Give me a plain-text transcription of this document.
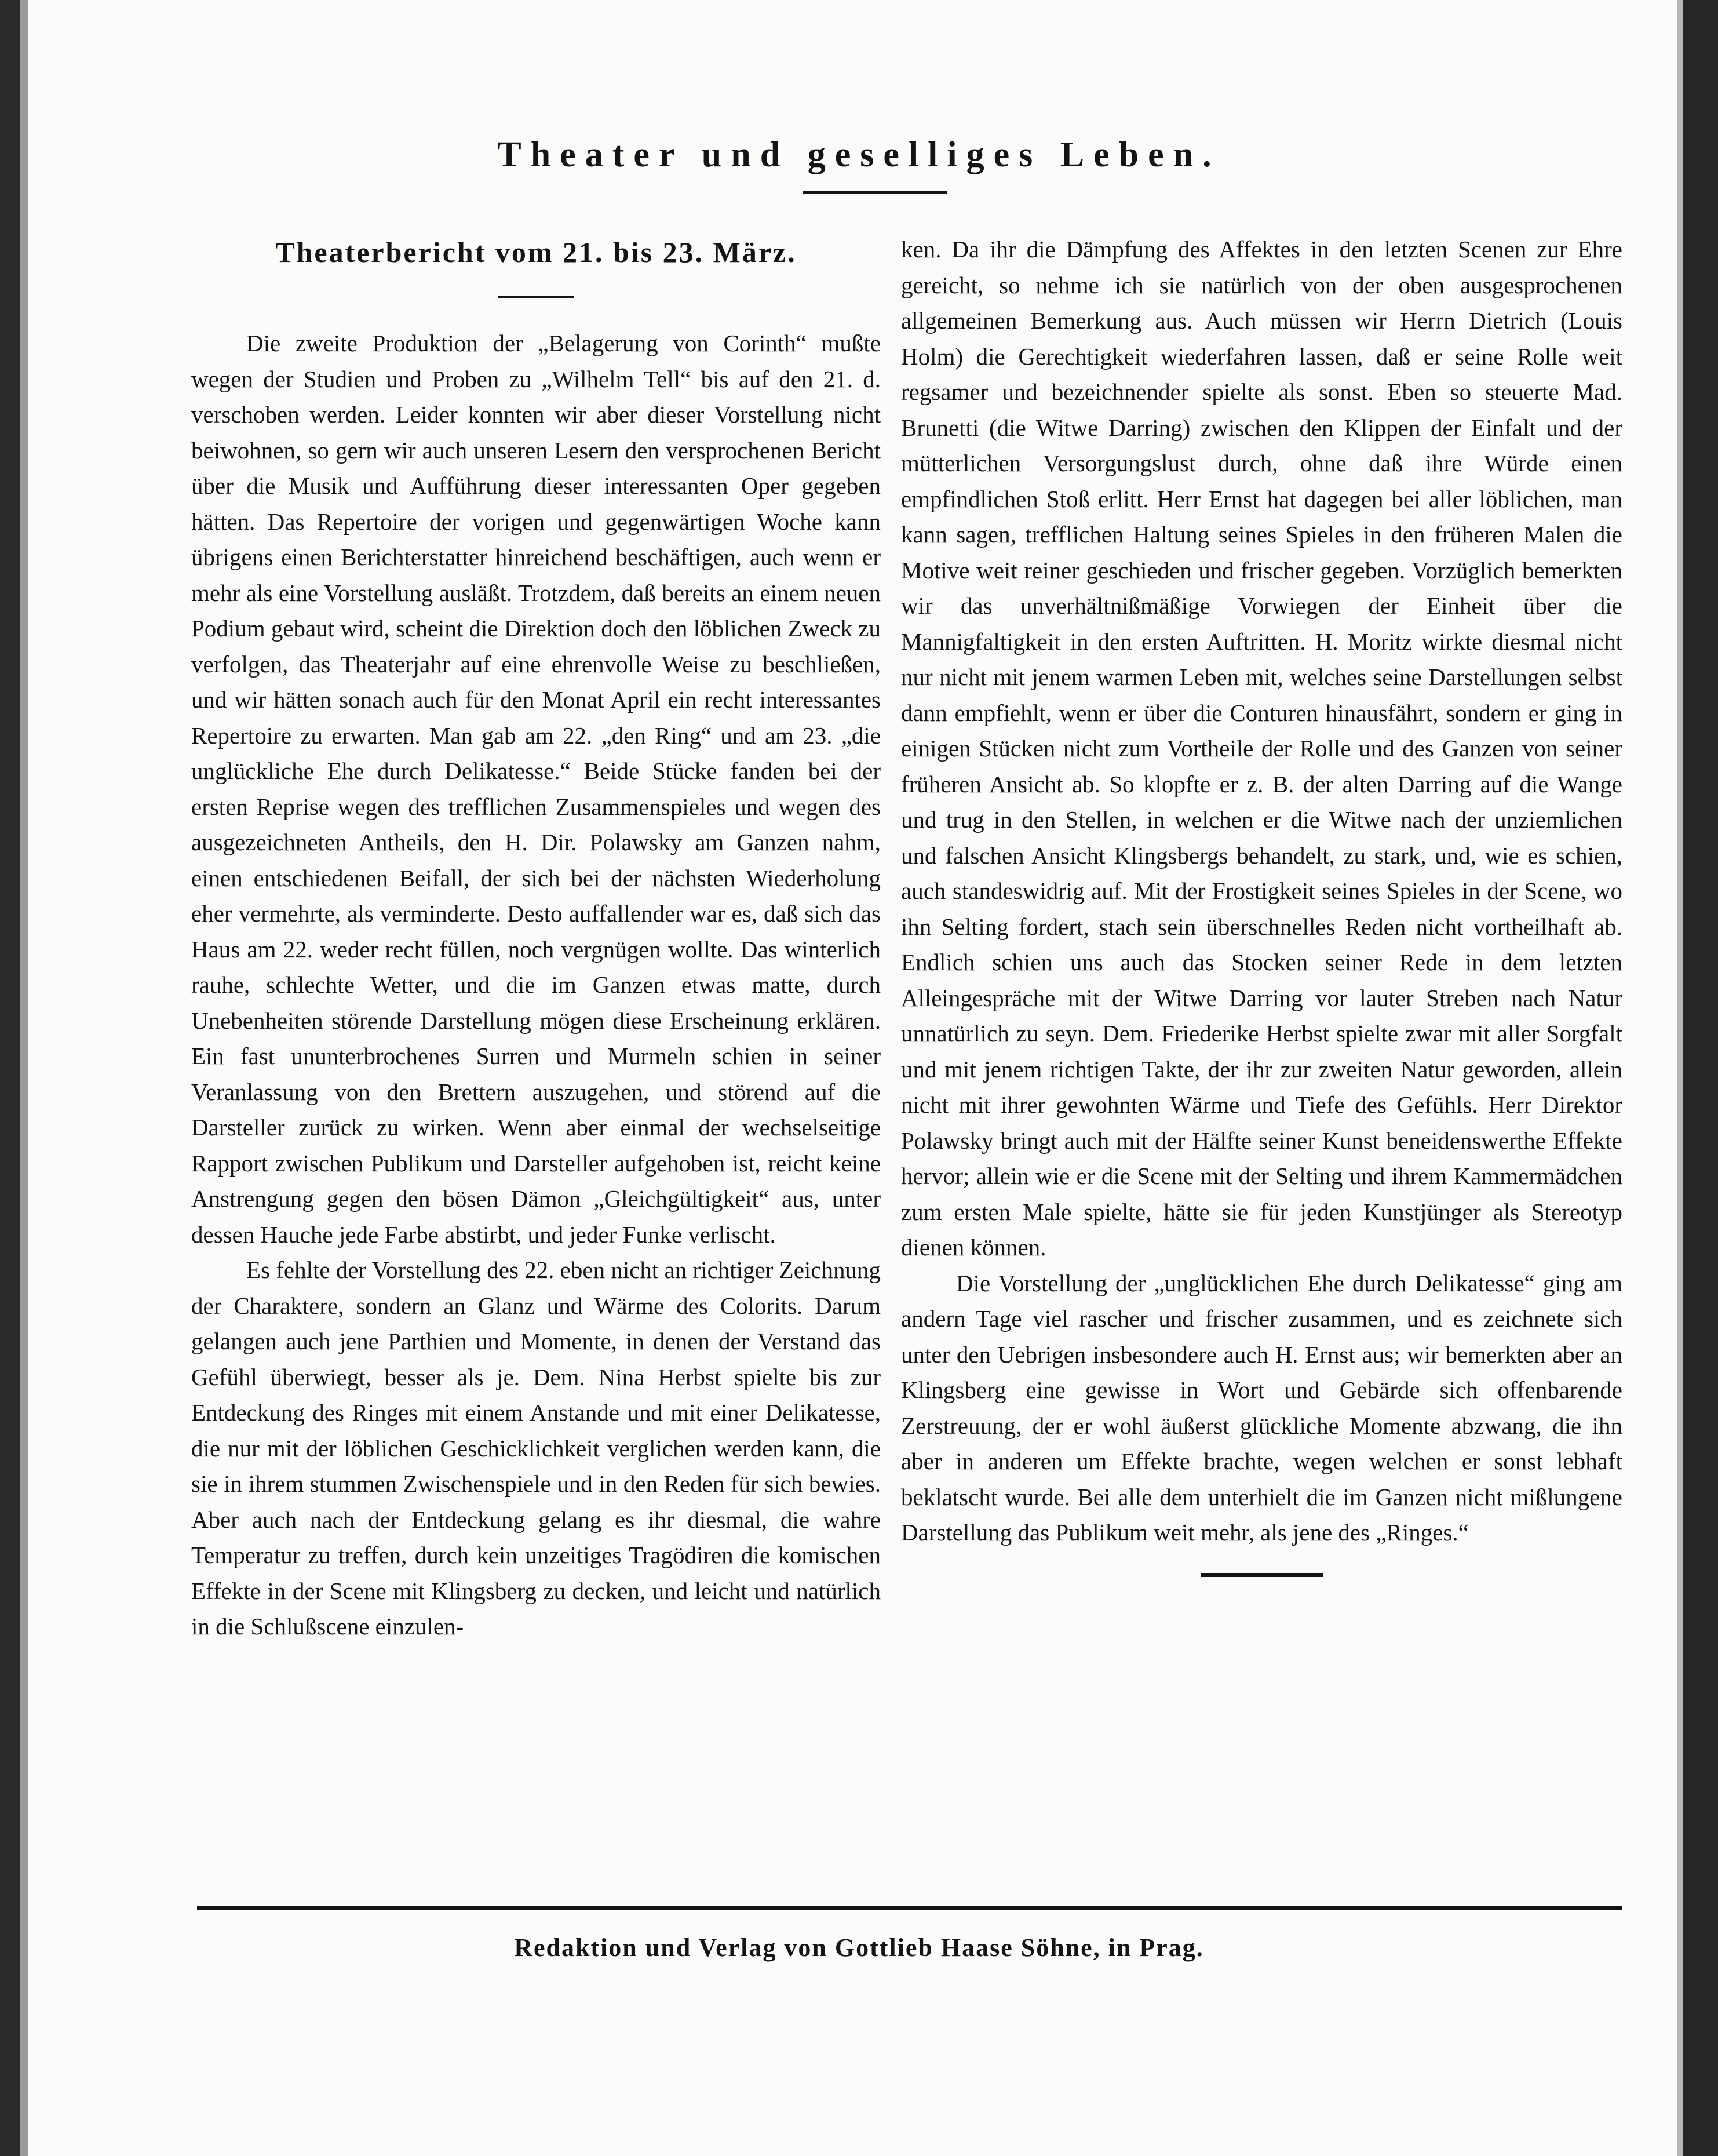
Theater und geselliges Leben.
Theaterbericht vom 21. bis 23. März.

Die zweite Produktion der „Belagerung von Corinth“ mußte wegen der Studien und Proben zu „Wilhelm Tell“ bis auf den 21. d. verschoben werden. Leider konnten wir aber dieser Vorstellung nicht beiwohnen, so gern wir auch unseren Lesern den versprochenen Bericht über die Musik und Aufführung dieser interessanten Oper gegeben hätten. Das Repertoire der vorigen und gegenwärtigen Woche kann übrigens einen Berichterstatter hinreichend beschäftigen, auch wenn er mehr als eine Vorstellung ausläßt. Trotzdem, daß bereits an einem neuen Podium gebaut wird, scheint die Direktion doch den löblichen Zweck zu verfolgen, das Theaterjahr auf eine ehrenvolle Weise zu beschließen, und wir hätten sonach auch für den Monat April ein recht interessantes Repertoire zu erwarten. Man gab am 22. „den Ring“ und am 23. „die unglückliche Ehe durch Delikatesse.“ Beide Stücke fanden bei der ersten Reprise wegen des trefflichen Zusammenspieles und wegen des ausgezeichneten Antheils, den H. Dir. Polawsky am Ganzen nahm, einen entschiedenen Beifall, der sich bei der nächsten Wiederholung eher vermehrte, als verminderte. Desto auffallender war es, daß sich das Haus am 22. weder recht füllen, noch vergnügen wollte. Das winterlich rauhe, schlechte Wetter, und die im Ganzen etwas matte, durch Unebenheiten störende Darstellung mögen diese Erscheinung erklären. Ein fast ununterbrochenes Surren und Murmeln schien in seiner Veranlassung von den Brettern auszugehen, und störend auf die Darsteller zurück zu wirken. Wenn aber einmal der wechselseitige Rapport zwischen Publikum und Darsteller aufgehoben ist, reicht keine Anstrengung gegen den bösen Dämon „Gleichgültigkeit“ aus, unter dessen Hauche jede Farbe abstirbt, und jeder Funke verlischt.

Es fehlte der Vorstellung des 22. eben nicht an richtiger Zeichnung der Charaktere, sondern an Glanz und Wärme des Colorits. Darum gelangen auch jene Parthien und Momente, in denen der Verstand das Gefühl überwiegt, besser als je. Dem. Nina Herbst spielte bis zur Entdeckung des Ringes mit einem Anstande und mit einer Delikatesse, die nur mit der löblichen Geschicklichkeit verglichen werden kann, die sie in ihrem stummen Zwischenspiele und in den Reden für sich bewies. Aber auch nach der Entdeckung gelang es ihr diesmal, die wahre Temperatur zu treffen, durch kein unzeitiges Tragödiren die komischen Effekte in der Scene mit Klingsberg zu decken, und leicht und natürlich in die Schlußscene einzulen-

ken. Da ihr die Dämpfung des Affektes in den letzten Scenen zur Ehre gereicht, so nehme ich sie natürlich von der oben ausgesprochenen allgemeinen Bemerkung aus. Auch müssen wir Herrn Dietrich (Louis Holm) die Gerechtigkeit wiederfahren lassen, daß er seine Rolle weit regsamer und bezeichnender spielte als sonst. Eben so steuerte Mad. Brunetti (die Witwe Darring) zwischen den Klippen der Einfalt und der mütterlichen Versorgungslust durch, ohne daß ihre Würde einen empfindlichen Stoß erlitt. Herr Ernst hat dagegen bei aller löblichen, man kann sagen, trefflichen Haltung seines Spieles in den früheren Malen die Motive weit reiner geschieden und frischer gegeben. Vorzüglich bemerkten wir das unverhältnißmäßige Vorwiegen der Einheit über die Mannigfaltigkeit in den ersten Auftritten. H. Moritz wirkte diesmal nicht nur nicht mit jenem warmen Leben mit, welches seine Darstellungen selbst dann empfiehlt, wenn er über die Conturen hinausfährt, sondern er ging in einigen Stücken nicht zum Vortheile der Rolle und des Ganzen von seiner früheren Ansicht ab. So klopfte er z. B. der alten Darring auf die Wange und trug in den Stellen, in welchen er die Witwe nach der unziemlichen und falschen Ansicht Klingsbergs behandelt, zu stark, und, wie es schien, auch standeswidrig auf. Mit der Frostigkeit seines Spieles in der Scene, wo ihn Selting fordert, stach sein überschnelles Reden nicht vortheilhaft ab. Endlich schien uns auch das Stocken seiner Rede in dem letzten Alleingespräche mit der Witwe Darring vor lauter Streben nach Natur unnatürlich zu seyn. Dem. Friederike Herbst spielte zwar mit aller Sorgfalt und mit jenem richtigen Takte, der ihr zur zweiten Natur geworden, allein nicht mit ihrer gewohnten Wärme und Tiefe des Gefühls. Herr Direktor Polawsky bringt auch mit der Hälfte seiner Kunst beneidenswerthe Effekte hervor; allein wie er die Scene mit der Selting und ihrem Kammermädchen zum ersten Male spielte, hätte sie für jeden Kunstjünger als Stereotyp dienen können.

Die Vorstellung der „unglücklichen Ehe durch Delikatesse“ ging am andern Tage viel rascher und frischer zusammen, und es zeichnete sich unter den Uebrigen insbesondere auch H. Ernst aus; wir bemerkten aber an Klingsberg eine gewisse in Wort und Gebärde sich offenbarende Zerstreuung, der er wohl äußerst glückliche Momente abzwang, die ihn aber in anderen um Effekte brachte, wegen welchen er sonst lebhaft beklatscht wurde. Bei alle dem unterhielt die im Ganzen nicht mißlungene Darstellung das Publikum weit mehr, als jene des „Ringes.“

Redaktion und Verlag von Gottlieb Haase Söhne, in Prag.
